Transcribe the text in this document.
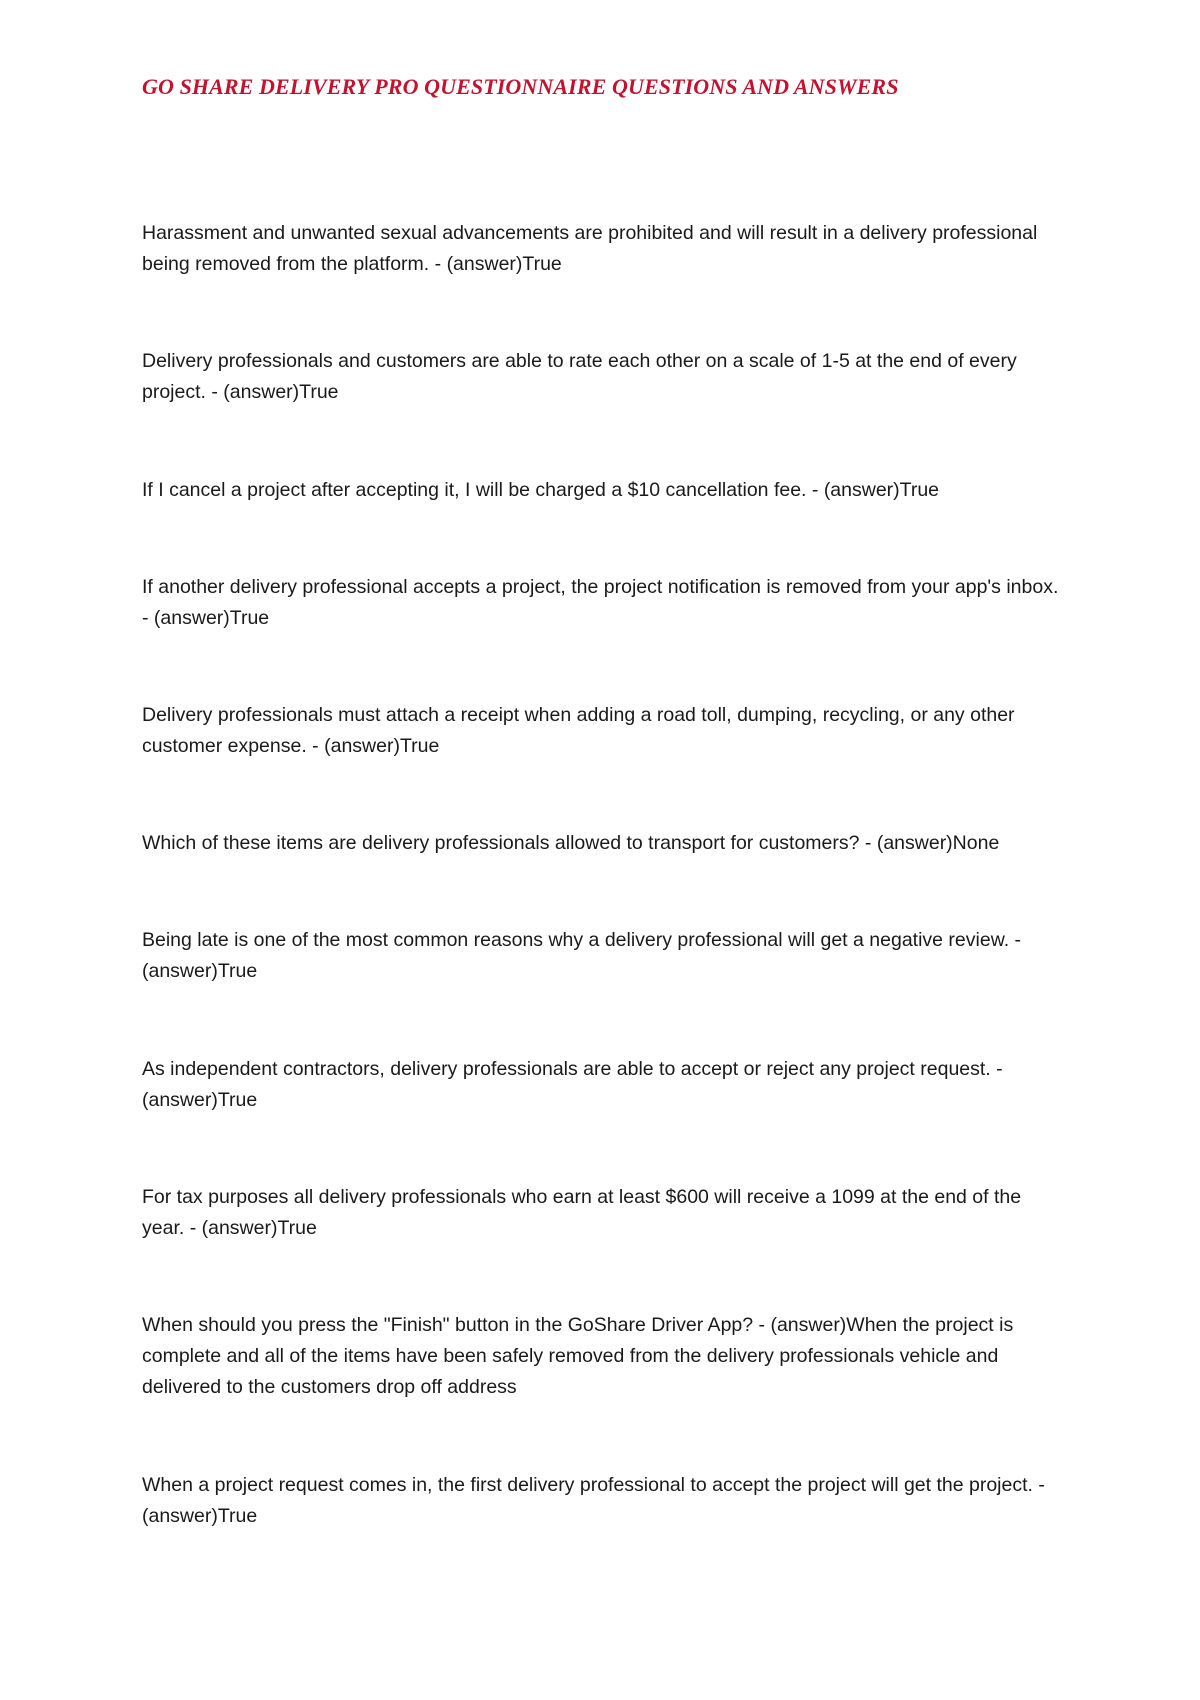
GO SHARE DELIVERY PRO QUESTIONNAIRE QUESTIONS AND ANSWERS

Harassment and unwanted sexual advancements are prohibited and will result in a delivery professional being removed from the platform. - (answer)True

Delivery professionals and customers are able to rate each other on a scale of 1-5 at the end of every project. - (answer)True

If I cancel a project after accepting it, I will be charged a $10 cancellation fee. - (answer)True

If another delivery professional accepts a project, the project notification is removed from your app's inbox. - (answer)True

Delivery professionals must attach a receipt when adding a road toll, dumping, recycling, or any other customer expense. - (answer)True

Which of these items are delivery professionals allowed to transport for customers? - (answer)None

Being late is one of the most common reasons why a delivery professional will get a negative review. - (answer)True

As independent contractors, delivery professionals are able to accept or reject any project request. - (answer)True

For tax purposes all delivery professionals who earn at least $600 will receive a 1099 at the end of the year. - (answer)True

When should you press the "Finish" button in the GoShare Driver App? - (answer)When the project is complete and all of the items have been safely removed from the delivery professionals vehicle and delivered to the customers drop off address

When a project request comes in, the first delivery professional to accept the project will get the project. - (answer)True
